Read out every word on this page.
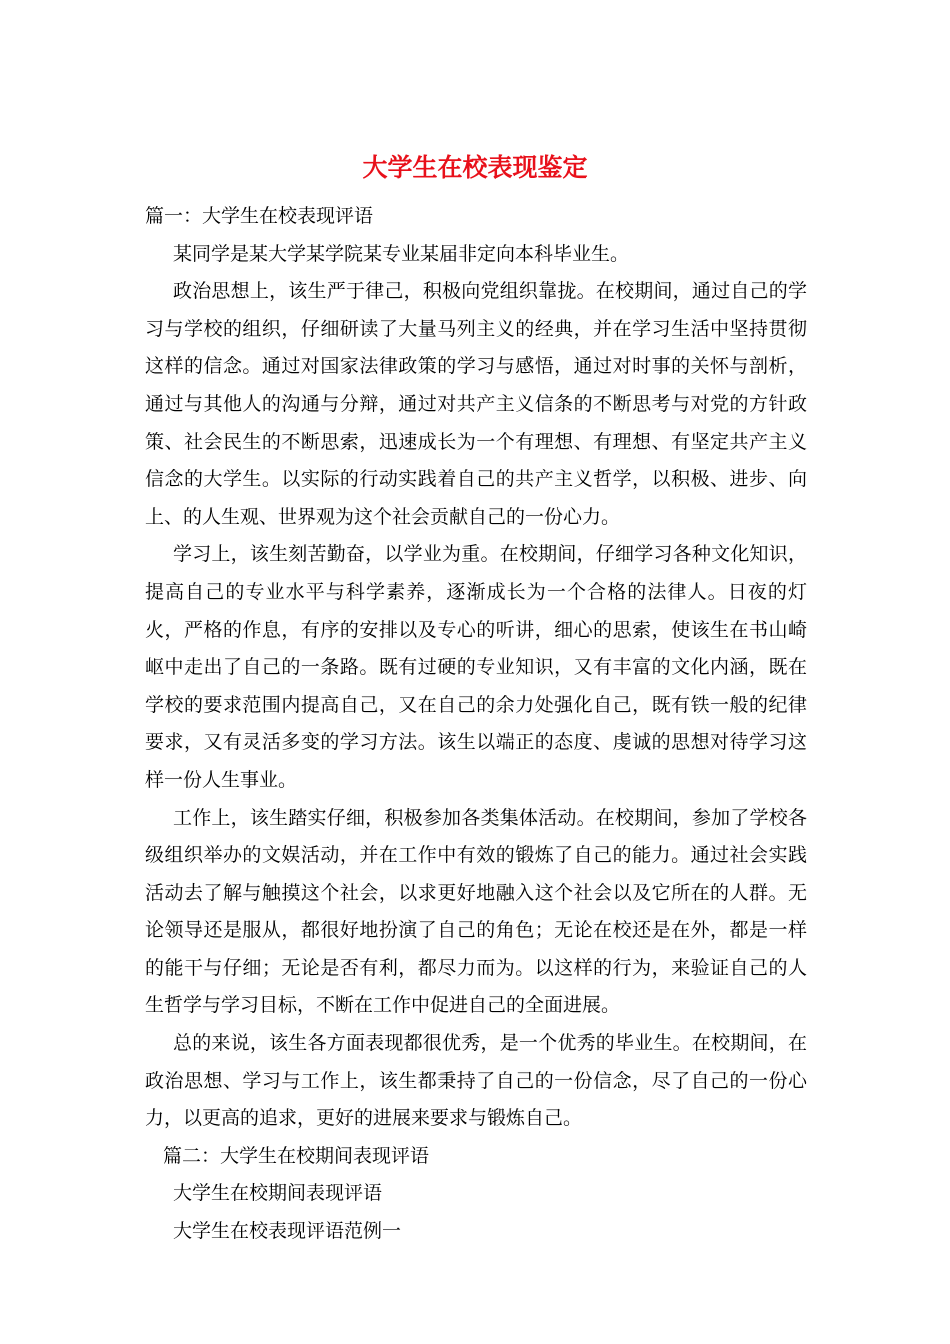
大学生在校表现鉴定

篇一：大学生在校表现评语

某同学是某大学某学院某专业某届非定向本科毕业生。

政治思想上，该生严于律己，积极向党组织靠拢。在校期间，通过自己的学习与学校的组织，仔细研读了大量马列主义的经典，并在学习生活中坚持贯彻这样的信念。通过对国家法律政策的学习与感悟，通过对时事的关怀与剖析，通过与其他人的沟通与分辩，通过对共产主义信条的不断思考与对党的方针政策、社会民生的不断思索，迅速成长为一个有理想、有理想、有坚定共产主义信念的大学生。以实际的行动实践着自己的共产主义哲学，以积极、进步、向上、的人生观、世界观为这个社会贡献自己的一份心力。

学习上，该生刻苦勤奋，以学业为重。在校期间，仔细学习各种文化知识，提高自己的专业水平与科学素养，逐渐成长为一个合格的法律人。日夜的灯火，严格的作息，有序的安排以及专心的听讲，细心的思索，使该生在书山崎岖中走出了自己的一条路。既有过硬的专业知识，又有丰富的文化内涵，既在学校的要求范围内提高自己，又在自己的余力处强化自己，既有铁一般的纪律要求，又有灵活多变的学习方法。该生以端正的态度、虔诚的思想对待学习这样一份人生事业。

工作上，该生踏实仔细，积极参加各类集体活动。在校期间，参加了学校各级组织举办的文娱活动，并在工作中有效的锻炼了自己的能力。通过社会实践活动去了解与触摸这个社会，以求更好地融入这个社会以及它所在的人群。无论领导还是服从，都很好地扮演了自己的角色；无论在校还是在外，都是一样的能干与仔细；无论是否有利，都尽力而为。以这样的行为，来验证自己的人生哲学与学习目标，不断在工作中促进自己的全面进展。

总的来说，该生各方面表现都很优秀，是一个优秀的毕业生。在校期间，在政治思想、学习与工作上，该生都秉持了自己的一份信念，尽了自己的一份心力，以更高的追求，更好的进展来要求与锻炼自己。

篇二：大学生在校期间表现评语

大学生在校期间表现评语

大学生在校表现评语范例一
